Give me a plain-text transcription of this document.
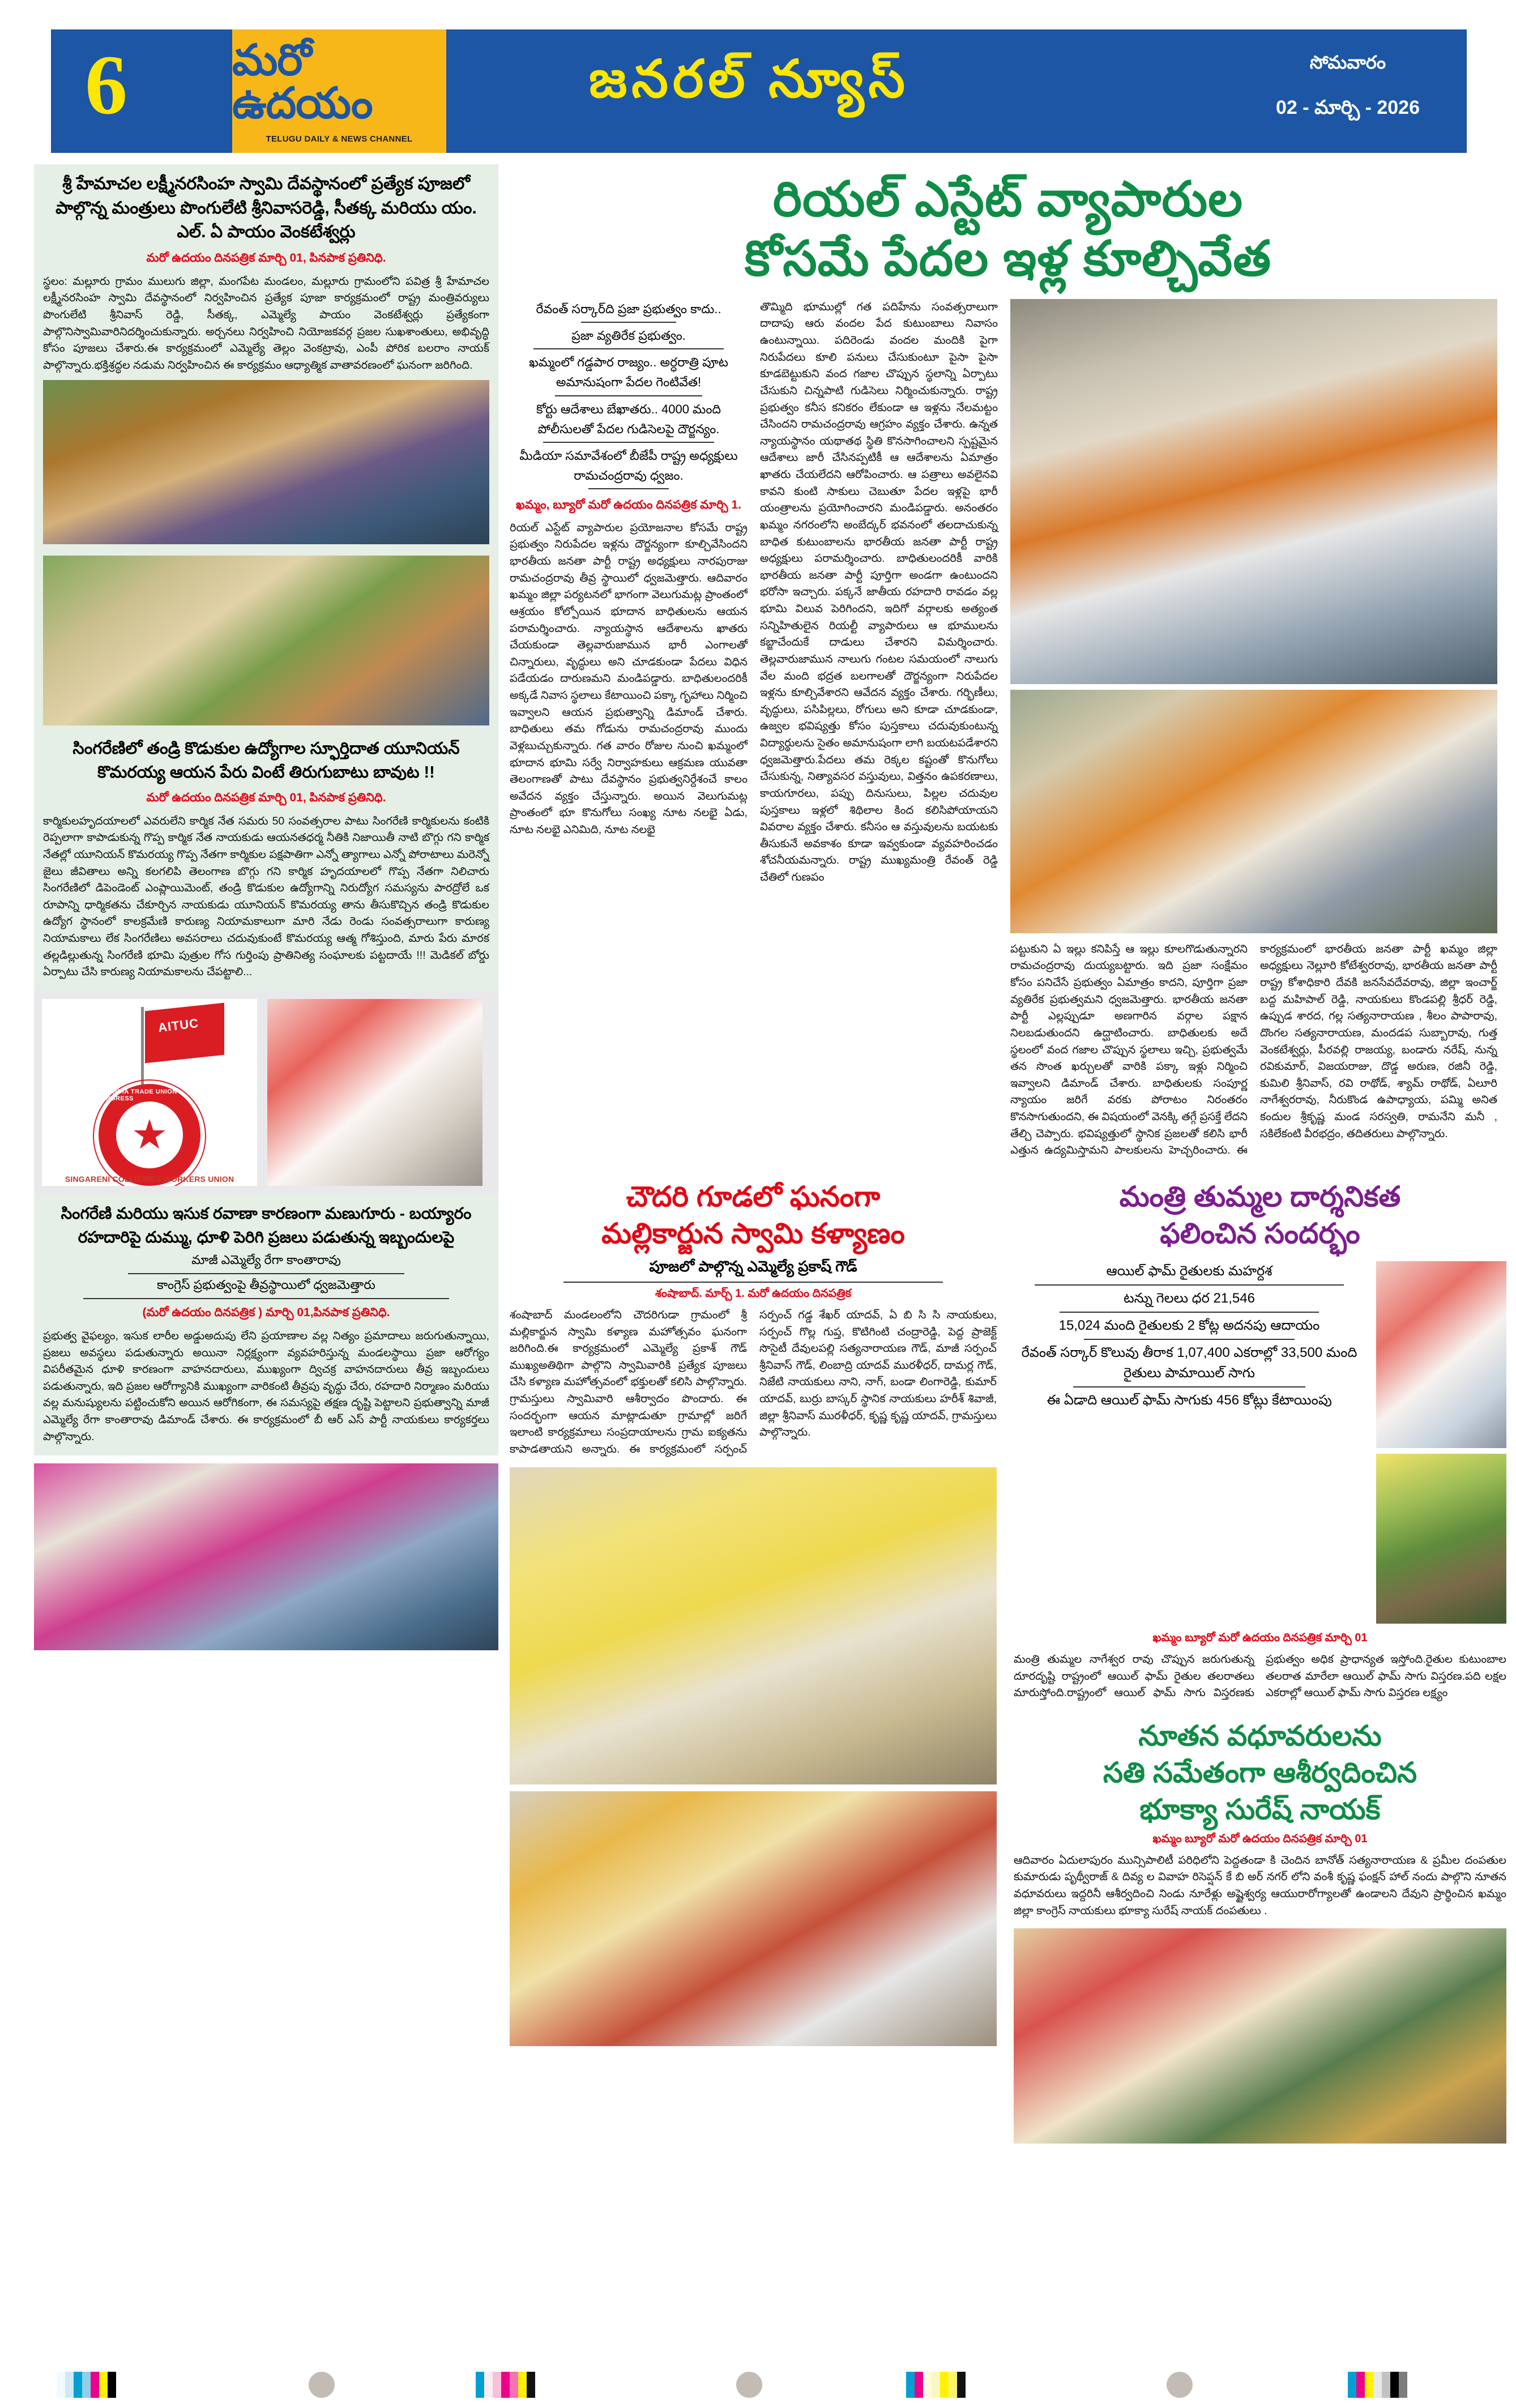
6 మరో ఉదయం
TELUGU DAILY & NEWS CHANNEL
జనరల్ న్యూస్	సోమవారం
02 - మార్చి - 2026
శ్రీ హేమాచల లక్ష్మీనరసింహ స్వామి దేవస్థానంలో ప్రత్యేక పూజలో పాల్గొన్న మంత్రులు పొంగులేటి శ్రీనివాసరెడ్డి, సీతక్క మరియు యం. ఎల్. ఏ పాయం వెంకటేశ్వర్లు
మరో ఉదయం దినపత్రిక మార్చి 01, పినపాక ప్రతినిధి.
స్థలం: మల్లూరు గ్రామం ములుగు జిల్లా, మంగపేట మండలం, మల్లూరు గ్రామంలోని పవిత్ర శ్రీ హేమాచల లక్ష్మీనరసింహ స్వామి దేవస్థానంలో నిర్వహించిన ప్రత్యేక పూజా కార్యక్రమంలో రాష్ట్ర మంత్రివర్యులు పొంగులేటి శ్రీనివాస్ రెడ్డి, సీతక్క, ఎమ్మెల్యే పాయం వెంకటేశ్వర్లు ప్రత్యేకంగా పాల్గొనిస్వామివారినిదర్శించుకున్నారు. అర్చనలు నిర్వహించి నియోజకవర్గ ప్రజల సుఖశాంతులు, అభివృద్ధి కోసం పూజలు చేశారు.ఈ కార్యక్రమంలో ఎమ్మెల్యే తెల్లం వెంకట్రావు, ఎంపీ పోరిక బలరాం నాయక్ పాల్గొన్నారు.భక్తిశ్రద్ధల నడుమ నిర్వహించిన ఈ కార్యక్రమం ఆధ్యాత్మిక వాతావరణంలో ఘనంగా జరిగింది.
సింగరేణిలో తండ్రి కొడుకుల ఉద్యోగాల స్ఫూర్తిదాత యూనియన్ కొమరయ్య ఆయన పేరు వింటే తిరుగుబాటు బావుట !!
మరో ఉదయం దినపత్రిక మార్చి 01, పినపాక ప్రతినిధి.
కార్మికులహృదయాలలో ఎవరులేని కార్మిక నేత సమరు 50 సంవత్సరాల పాటు సింగరేణి కార్మికులను కంటికి రెప్పలాగా కాపాడుకున్న గొప్ప కార్మిక నేత నాయకుడు ఆయనతధర్మ నీతికి నిజాయితీ నాటి బొగ్గు గని కార్మిక నేతల్లో యూనియన్ కొమరయ్య గొప్ప నేతగా కార్మికుల పక్షపాతిగా ఎన్నో త్యాగాలు ఎన్నో పోరాటాలు మరెన్నో జైలు జీవితాలు అన్ని కలగలిపి తెలంగాణ బొగ్గు గని కార్మిక హృదయాలలో గొప్ప నేతగా నిలిచారు సింగరేణిలో డిపెండెంట్ ఎంప్లాయిమెంట్, తండ్రి కొడుకుల ఉద్యోగాన్ని నిరుద్యోగ సమస్యను పారద్రోలే ఒక రూపాన్ని ధార్మికతను చేకూర్చిన నాయకుడు యూనియన్ కొమరయ్య తాను తీసుకొచ్చిన తండ్రి కొడుకుల ఉద్యోగ స్థానంలో కాలక్రమేణి కారుణ్య నియామకాలుగా మారి నేడు రెండు సంవత్సరాలుగా కారుణ్య నియామకాలు లేక సింగరేణిలు అవసరాలు చదువుకుంటే కొమరయ్య ఆత్మ గోశిస్తుంది, మారు పేరు మారక తల్లడిల్లుతున్న సింగరేణి భూమి పుత్రుల గోస గుర్తింపు ప్రాతినిత్య సంఘాలకు పట్టదాయే !!! మెడికల్ బోర్డు ఏర్పాటు చేసి కారుణ్య నియామకాలను చేపట్టాలి...
AITUC
★
ALL INDIA TRADE UNION CONGRESS
SINGARENI COLLIERIES WORKERS UNION
సింగరేణి మరియు ఇసుక రవాణా కారణంగా మణుగూరు - బయ్యారం రహదారిపై దుమ్ము, ధూళి పెరిగి ప్రజలు పడుతున్న ఇబ్బందులపై
మాజీ ఎమ్మెల్యే రేగా కాంతారావు
కాంగ్రెస్ ప్రభుత్వంపై తీవ్రస్థాయిలో ధ్వజమెత్తారు
(మరో ఉదయం దినపత్రిక ) మార్చి 01,పినపాక ప్రతినిధి.
ప్రభుత్వ వైఫల్యం, ఇసుక లారీల అడ్డుఅదుపు లేని ప్రయాణాల వల్ల నిత్యం ప్రమాదాలు జరుగుతున్నాయి, ప్రజలు అవస్థలు పడుతున్నారు అయినా నిర్లక్ష్యంగా వ్యవహరిస్తున్న మండలస్థాయి ప్రజా ఆరోగ్యం విపరీతమైన ధూళి కారణంగా వాహనదారులు, ముఖ్యంగా ద్విచక్ర వాహనదారులు తీవ్ర ఇబ్బందులు పడుతున్నారు, ఇది ప్రజల ఆరోగ్యానికి ముఖ్యంగా వారికంటి తీవ్రపు వృద్ధు చేరు, రహదారి నిర్మాణం మరియు వల్ల మనుష్యులను పట్టించుకోని అయిన ఆరోగికంగా, ఈ సమస్యపై తక్షణ దృష్టి పెట్టాలని ప్రభుత్వాన్ని మాజీ ఎమ్మెల్యే రేగా కాంతారావు డిమాండ్ చేశారు. ఈ కార్యక్రమంలో బీ ఆర్ ఎస్ పార్టీ నాయకులు కార్యకర్తలు పాల్గొన్నారు.
రియల్ ఎస్టేట్ వ్యాపారుల
కోసమే పేదల ఇళ్ల కూల్చివేత
రేవంత్ సర్కార్‌ది ప్రజా ప్రభుత్వం కాదు..
ప్రజా వ్యతిరేక ప్రభుత్వం.
ఖమ్మంలో గడ్డపార రాజ్యం.. అర్ధరాత్రి పూట అమానుషంగా పేదల గెంటివేత!
కోర్టు ఆదేశాలు బేఖాతరు.. 4000 మంది పోలీసులతో పేదల గుడిసెలపై దౌర్జన్యం.
మీడియా సమావేశంలో బీజేపీ రాష్ట్ర అధ్యక్షులు రామచంద్రరావు ధ్వజం.
ఖమ్మం, బ్యూరో మరో ఉదయం దినపత్రిక మార్చి 1.
రియల్ ఎస్టేట్ వ్యాపారుల ప్రయోజనాల కోసమే రాష్ట్ర ప్రభుత్వం నిరుపేదల ఇళ్లను దౌర్జన్యంగా కూల్చివేసిందని భారతీయ జనతా పార్టీ రాష్ట్ర అధ్యక్షులు నారపురాజు రామచంద్రరావు తీవ్ర స్థాయిలో ధ్వజమెత్తారు. ఆదివారం ఖమ్మం జిల్లా పర్యటనలో భాగంగా వెలుగుమట్ల ప్రాంతంలో ఆశ్రయం కోల్పోయిన భూదాన బాధితులను ఆయన పరామర్శించారు. న్యాయస్థాన ఆదేశాలను ఖాతరు చేయకుండా తెల్లవారుజామున భారీ ఎంగాలతో చిన్నారులు, వృద్ధులు అని చూడకుండా పేదలు విధిన పడేయడం దారుణమని మండిపడ్డారు. బాధితులందరికీ అక్కడే నివాస స్థలాలు కేటాయించి పక్కా గృహాలు నిర్మించి ఇవ్వాలని ఆయన ప్రభుత్వాన్ని డిమాండ్ చేశారు. బాధితులు తమ గోడును రామచంద్రరావు ముందు వెళ్లబుచ్చుకున్నారు. గత వారం రోజుల నుంచి ఖమ్మంలో భూదాన భూమి సర్వే నిర్వాహకులు ఆక్రమణ యువతా తెలంగాణతో పాటు దేవస్థానం ప్రభుత్వనిర్దేశంచే కాలం అవేదన వ్యక్తం చేస్తున్నారు. అయిన వెలుగుమట్ల ప్రాంతంలో భూ కొనుగోలు సంఖ్య నూట నలభై ఏడు, నూట నలభై ఎనిమిది, నూట నలభై
తొమ్మిది భూముల్లో గత పదిహేను సంవత్సరాలుగా దాదాపు ఆరు వందల పేద కుటుంబాలు నివాసం ఉంటున్నాయి. పదిరెండు వందల మందికి పైగా నిరుపేదలు కూలి పనులు చేసుకుంటూ పైసా పైసా కూడబెట్టుకుని వంద గజాల చొప్పున స్థలాన్ని ఏర్పాటు చేసుకుని చిన్నపాటి గుడిసెలు నిర్మించుకున్నారు. రాష్ట్ర ప్రభుత్వం కనీస కనికరం లేకుండా ఆ ఇళ్లను నేలమట్టం చేసిందని రామచంద్రరావు ఆగ్రహం వ్యక్తం చేశారు. ఉన్నత న్యాయస్థానం యథాతథ స్థితి కొనసాగించాలని స్పష్టమైన ఆదేశాలు జారీ చేసినప్పటికీ ఆ ఆదేశాలను ఏమాత్రం ఖాతరు చేయలేదని ఆరోపించారు. ఆ పత్రాలు అవలైనవి కావని కుంటి సాకులు చెబుతూ పేదల ఇళ్లపై భారీ యంత్రాలను ప్రయోగించారని మండిపడ్డారు. అనంతరం ఖమ్మం నగరంలోని అంబేద్కర్ భవనంలో తలదాచుకున్న బాధిత కుటుంబాలను భారతీయ జనతా పార్టీ రాష్ట్ర అధ్యక్షులు పరామర్శించారు. బాధితులందరికీ వారికి భారతీయ జనతా పార్టీ పూర్తిగా అండగా ఉంటుందని భరోసా ఇచ్చారు. పక్కనే జాతీయ రహదారి రావడం వల్ల భూమి విలువ పెరిగిందని, ఇదిగో వర్గాలకు అత్యంత సన్నిహితులైన రియల్టీ వ్యాపారులు ఆ భూములను కబ్జాచేందుకే దాడులు చేశారని విమర్శించారు. తెల్లవారుజామున నాలుగు గంటల సమయంలో నాలుగు వేల మంది భద్రత బలగాలతో దౌర్జన్యంగా నిరుపేదల ఇళ్లను కూల్చివేశారని ఆవేదన వ్యక్తం చేశారు. గర్భిణీలు, వృద్ధులు, పసిపిల్లలు, రోగులు అని కూడా చూడకుండా, ఉజ్వల భవిష్యత్తు కోసం పుస్తకాలు చదువుకుంటున్న విద్యార్థులను సైతం అమానుషంగా లాగి బయటపడేశారని ధ్వజమెత్తారు.పేదలు తమ రెక్కల కష్టంతో కొనుగోలు చేసుకున్న, నిత్యావసర వస్తువులు, విత్తనం ఉపకరణాలు, కాయగూరలు, పప్పు దినుసులు, పిల్లల చదువుల పుస్తకాలు ఇళ్లలో శిథిలాల కింద కలిసిపోయాయని వివరాల వ్యక్తం చేశారు. కనీసం ఆ వస్తువులను బయటకు తీసుకునే అవకాశం కూడా ఇవ్వకుండా వ్యవహరించడం శోచనీయమన్నారు. రాష్ట్ర ముఖ్యమంత్రి రేవంత్ రెడ్డి చేతిలో గుణపం
పట్టుకుని ఏ ఇల్లు కనిపిస్తే ఆ ఇల్లు కూలగొడుతున్నారని రామచంద్రరావు దుయ్యబట్టారు. ఇది ప్రజా సంక్షేమం కోసం పనిచేసే ప్రభుత్వం ఏమాత్రం కాదని, పూర్తిగా ప్రజా వ్యతిరేక ప్రభుత్వమని ధ్వజమెత్తారు. భారతీయ జనతా పార్టీ ఎల్లప్పుడూ అణగారిన వర్గాల పక్షాన నిలబడుతుందని ఉద్ఘాటించారు. బాధితులకు అదే స్థలంలో వంద గజాల చొప్పున స్థలాలు ఇచ్చి, ప్రభుత్వమే తన సొంత ఖర్చులతో వారికి పక్కా ఇళ్లు నిర్మించి ఇవ్వాలని డిమాండ్ చేశారు. బాధితులకు సంపూర్ణ న్యాయం జరిగే వరకు పోరాటం నిరంతరం కొనసాగుతుందని, ఈ విషయంలో వెనక్కి తగ్గే ప్రసక్తే లేదని తేల్చి చెప్పారు. భవిష్యత్తులో స్థానిక ప్రజలతో కలిసి భారీ ఎత్తున ఉద్యమిస్తామని పాలకులను హెచ్చరించారు. ఈ కార్యక్రమంలో భారతీయ జనతా పార్టీ ఖమ్మం జిల్లా అధ్యక్షులు నెల్లూరి కోటేశ్వరరావు, భారతీయ జనతా పార్టీ రాష్ట్ర కోశాధికారి దేవకి జనసేవదేవరావు, జిల్లా ఇంచార్జ్ బద్ద మహిపాల్ రెడ్డి, నాయకులు కొండపల్లి శ్రీధర్ రెడ్డి, ఉప్పుడ శారద, గల్ల సత్యనారాయణ , శీలం పాపారావు, దొంగల సత్యనారాయణ, మందడప సుబ్బారావు, గుత్త వెంకటేశ్వర్లు, పీరవల్లి రాజయ్య, బండారు నరేష్, నున్న రవికుమార్, విజయరాజు, దొడ్డ అరుణ, రజినీ రెడ్డి, కుమిలి శ్రీనివాస్, రవి రాథోడ్, శ్యామ్ రాథోడ్, ఏలూరి నాగేశ్వరరావు, నీరుకొండ ఉపాధ్యాయ, పమ్మి అనిత కందుల శ్రీకృష్ణ మండ సరస్వతి, రామనేని మనీ , సకిలేకంటి వీరభద్రం, తదితరులు పాల్గొన్నారు.
చౌదరి గూడలో ఘనంగా
మల్లికార్జున స్వామి కళ్యాణం
పూజలో పాల్గొన్న ఎమ్మెల్యే ప్రకాష్ గౌడ్
శంషాబాద్. మార్చ్ 1. మరో ఉదయం దినపత్రిక
శంషాబాద్ మండలంలోని చౌదరిగుడా గ్రామంలో శ్రీ మల్లికార్జున స్వామి కళ్యాణ మహోత్సవం ఘనంగా జరిగింది.ఈ కార్యక్రమంలో ఎమ్మెల్యే ప్రకాశ్ గౌడ్ ముఖ్యఅతిథిగా పాల్గొని స్వామివారికి ప్రత్యేక పూజలు చేసి కళ్యాణ మహోత్సవంలో భక్తులతో కలిసి పాల్గొన్నారు. గ్రామస్తులు స్వామివారి ఆశీర్వాదం పొందారు. ఈ సందర్భంగా ఆయన మాట్లాడుతూ గ్రామాల్లో జరిగే ఇలాంటి కార్యక్రమాలు సంప్రదాయాలను గ్రామ ఐక్యతను కాపాడతాయని అన్నారు. ఈ కార్యక్రమంలో సర్పంచ్ సర్పంచ్ గడ్డ శేఖర్ యాదవ్, ఏ బి సి సి నాయకులు, సర్పంచ్ గొల్ల గుప్త, కొటిగింటి చంద్రారెడ్డి, పెద్ద ప్రాజెక్ట్ సొసైటీ దేవులపల్లి సత్యనారాయణ గౌడ్, మాజీ సర్పంచ్ శ్రీనివాస్ గౌడ్, లింబాద్రి యాదవ్ మురళీధర్, దామర్ల గౌడ్, నిజేటి నాయకులు నాని, నాగ్, బండా లింగారెడ్డి, కుమార్ యాదవ్, బుర్రు బాస్కర్ స్థానిక నాయకులు హరీశ్ శివాజీ, జిల్లా శ్రీనివాస్ మురళీధర్, కృష్ణ కృష్ణ యాదవ్, గ్రామస్తులు పాల్గొన్నారు.
మంత్రి తుమ్మల దార్శనికత
ఫలించిన సందర్భం
ఆయిల్ ఫామ్ రైతులకు మహర్దశ
టన్ను గెలలు ధర 21,546
15,024 మంది రైతులకు 2 కోట్ల అదనపు ఆదాయం
రేవంత్ సర్కార్ కొలువు తీరాక 1,07,400 ఎకరాల్లో 33,500 మంది రైతులు పామాయిల్ సాగు
ఈ ఏడాది ఆయిల్ ఫామ్ సాగుకు 456 కోట్లు కేటాయింపు
ఖమ్మం బ్యూరో మరో ఉదయం దినపత్రిక మార్చి 01
మంత్రి తుమ్మల నాగేశ్వర రావు చొప్పున జరుగుతున్న దూరదృష్టి రాష్ట్రంలో ఆయిల్ ఫామ్ రైతుల తలరాతలు మారుస్తోంది.రాష్ట్రంలో ఆయిల్ ఫామ్ సాగు విస్తరణకు ప్రభుత్వం అధిక ప్రాధాన్యత ఇస్తోంది.రైతుల కుటుంబాల తలరాత మారేలా ఆయిల్ ఫామ్ సాగు విస్తరణ.పది లక్షల ఎకరాల్లో ఆయిల్ ఫామ్ సాగు విస్తరణ లక్ష్యం
నూతన వధూవరులను
సతి సమేతంగా ఆశీర్వదించిన
భూక్యా సురేష్ నాయక్
ఖమ్మం బ్యూరో మరో ఉదయం దినపత్రిక మార్చి 01
ఆదివారం ఏదులాపురం మున్సిపాలిటీ పరిధిలోని పెద్దతండా కి చెందిన బానోత్ సత్యనారాయణ & ప్రమీల దంపతుల కుమారుడు పృథ్వీరాజ్ & దివ్య ల వివాహ రిసెప్షన్ కే బి అర్ నగర్ లోని వంశీ కృష్ణ ఫంక్షన్ హాల్ నందు పాల్గొని నూతన వధూవరులు ఇద్దరినీ ఆశీర్వదించి నిండు నూరేళ్లు అష్టైశ్వర్య ఆయురారోగ్యాలతో ఉండాలని దేవుని ప్రార్థించిన ఖమ్మం జిల్లా కాంగ్రెస్ నాయకులు భూక్యా సురేష్ నాయక్ దంపతులు .
